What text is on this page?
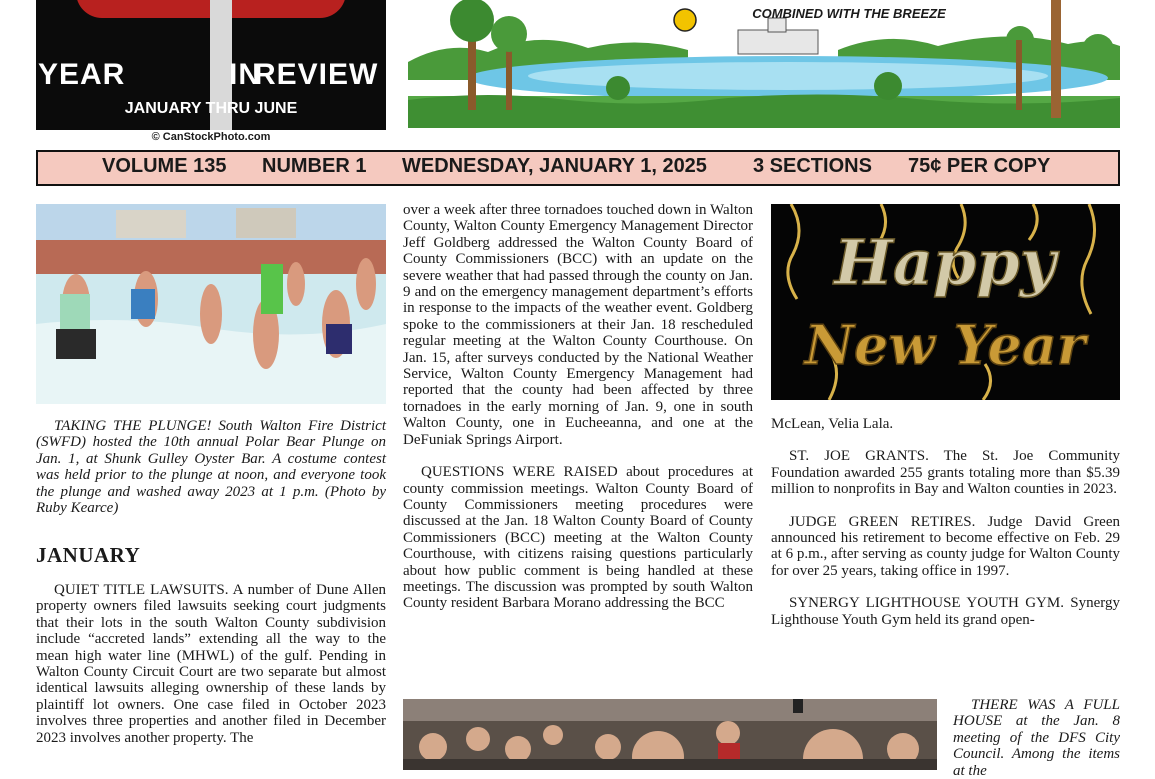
YEAR	IN
REVIEW
JANUARY THRU JUNE
© CanStockPhoto.com
COMBINED WITH THE BREEZE
VOLUME 135 NUMBER 1 WEDNESDAY, JANUARY 1, 2025 3 SECTIONS 75¢ PER COPY
TAKING THE PLUNGE! South Walton Fire District (SWFD) hosted the 10th annual Polar Bear Plunge on Jan. 1, at Shunk Gulley Oyster Bar. A costume contest was held prior to the plunge at noon, and everyone took the plunge and washed away 2023 at 1 p.m. (Photo by Ruby Kearce)
JANUARY

QUIET TITLE LAWSUITS. A number of Dune Allen property owners filed lawsuits seeking court judgments that their lots in the south Walton County subdivision include “accreted lands” extending all the way to the mean high water line (MHWL) of the gulf. Pending in Walton County Circuit Court are two separate but almost identical lawsuits alleging ownership of these lands by plaintiff lot owners. One case filed in October 2023 involves three properties and another filed in December 2023 involves another property. The

over a week after three tornadoes touched down in Walton County, Walton County Emergency Management Director Jeff Goldberg addressed the Walton County Board of County Commissioners (BCC) with an update on the severe weather that had passed through the county on Jan. 9 and on the emergency management department’s efforts in response to the impacts of the weather event. Goldberg spoke to the commissioners at their Jan. 18 rescheduled regular meeting at the Walton County Courthouse. On Jan. 15, after surveys conducted by the National Weather Service, Walton County Emergency Management had reported that the county had been affected by three tornadoes in the early morning of Jan. 9, one in south Walton County, one in Eucheeanna, and one at the DeFuniak Springs Airport.

QUESTIONS WERE RAISED about procedures at county commission meetings. Walton County Board of County Commissioners meeting procedures were discussed at the Jan. 18 Walton County Board of County Commissioners (BCC) meeting at the Walton County Courthouse, with citizens raising questions particularly about how public comment is being handled at these meetings. The discussion was prompted by south Walton County resident Barbara Morano addressing the BCC

Happy
New Year

McLean, Velia Lala.

ST. JOE GRANTS. The St. Joe Community Foundation awarded 255 grants totaling more than $5.39 million to nonprofits in Bay and Walton counties in 2023.

JUDGE GREEN RETIRES. Judge David Green announced his retirement to become effective on Feb. 29 at 6 p.m., after serving as county judge for Walton County for over 25 years, taking office in 1997.

SYNERGY LIGHTHOUSE YOUTH GYM. Synergy Lighthouse Youth Gym held its grand open-

THERE WAS A FULL HOUSE at the Jan. 8 meeting of the DFS City Council. Among the items at the
